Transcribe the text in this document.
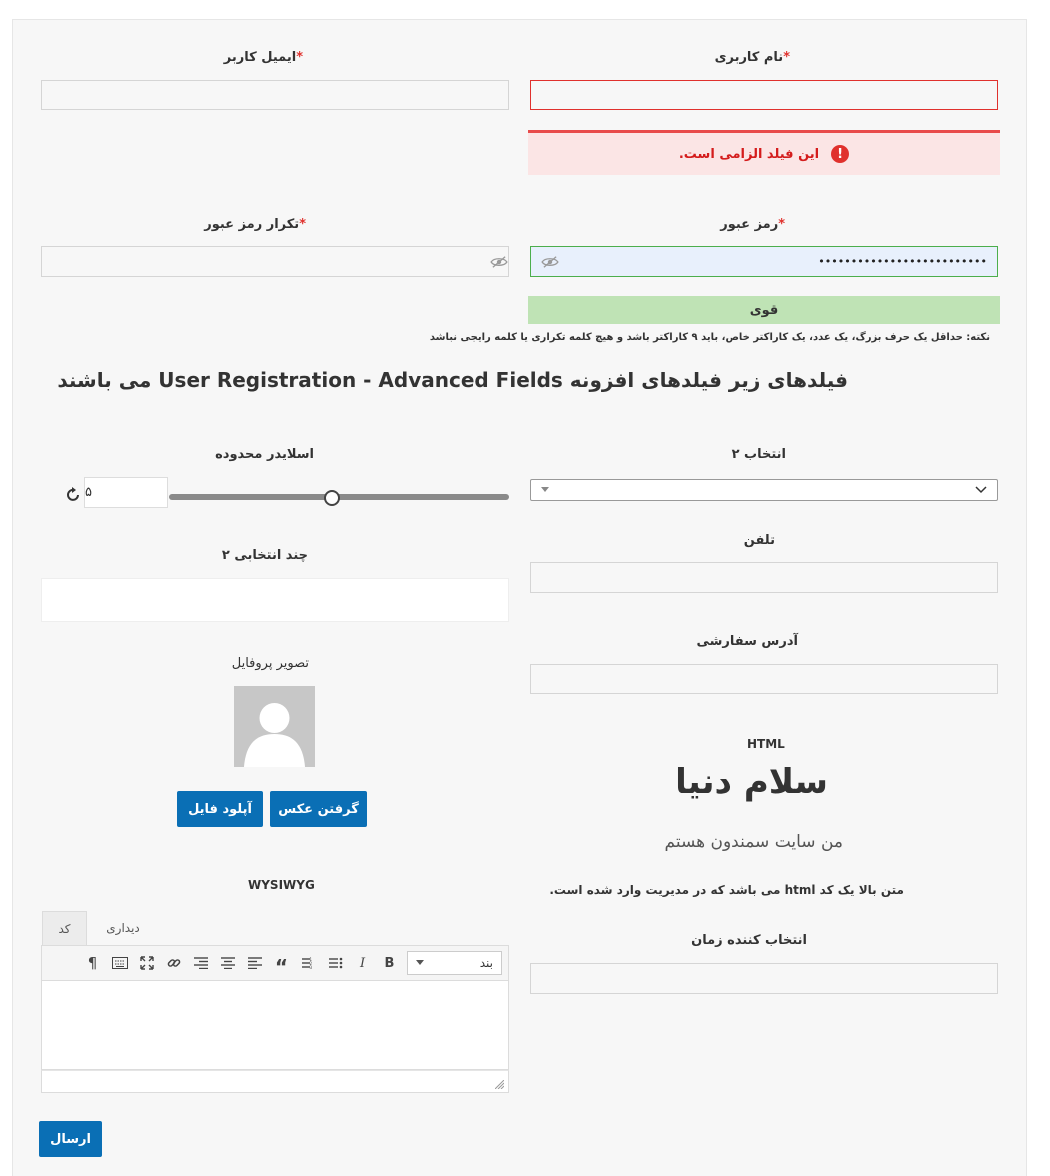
*نام کاربری
!
این فیلد الزامی است.
*ایمیل کاربر
*رمز عبور
••••••••••••••••••••••••••
قوی
نکته: حداقل یک حرف بزرگ، یک عدد، یک کاراکتر خاص، باید ۹ کاراکتر باشد و هیچ کلمه تکراری یا کلمه رایجی نباشد
*تکرار رمز عبور
فیلدهای زیر فیلدهای افزونه User Registration - Advanced Fields می باشند
انتخاب ۲
اسلایدر محدوده
۵
تلفن
چند انتخابی ۲
آدرس سفارشی
تصویر پروفایل
گرفتن عکس
آپلود فایل
HTML
سلام دنیا
من سایت سمندون هستم
متن بالا یک کد html می باشد که در مدیریت وارد شده است.
WYSIWYG
دیداری
کد
بند
B
I
1
2
3
“
¶
انتخاب کننده زمان
ارسال
